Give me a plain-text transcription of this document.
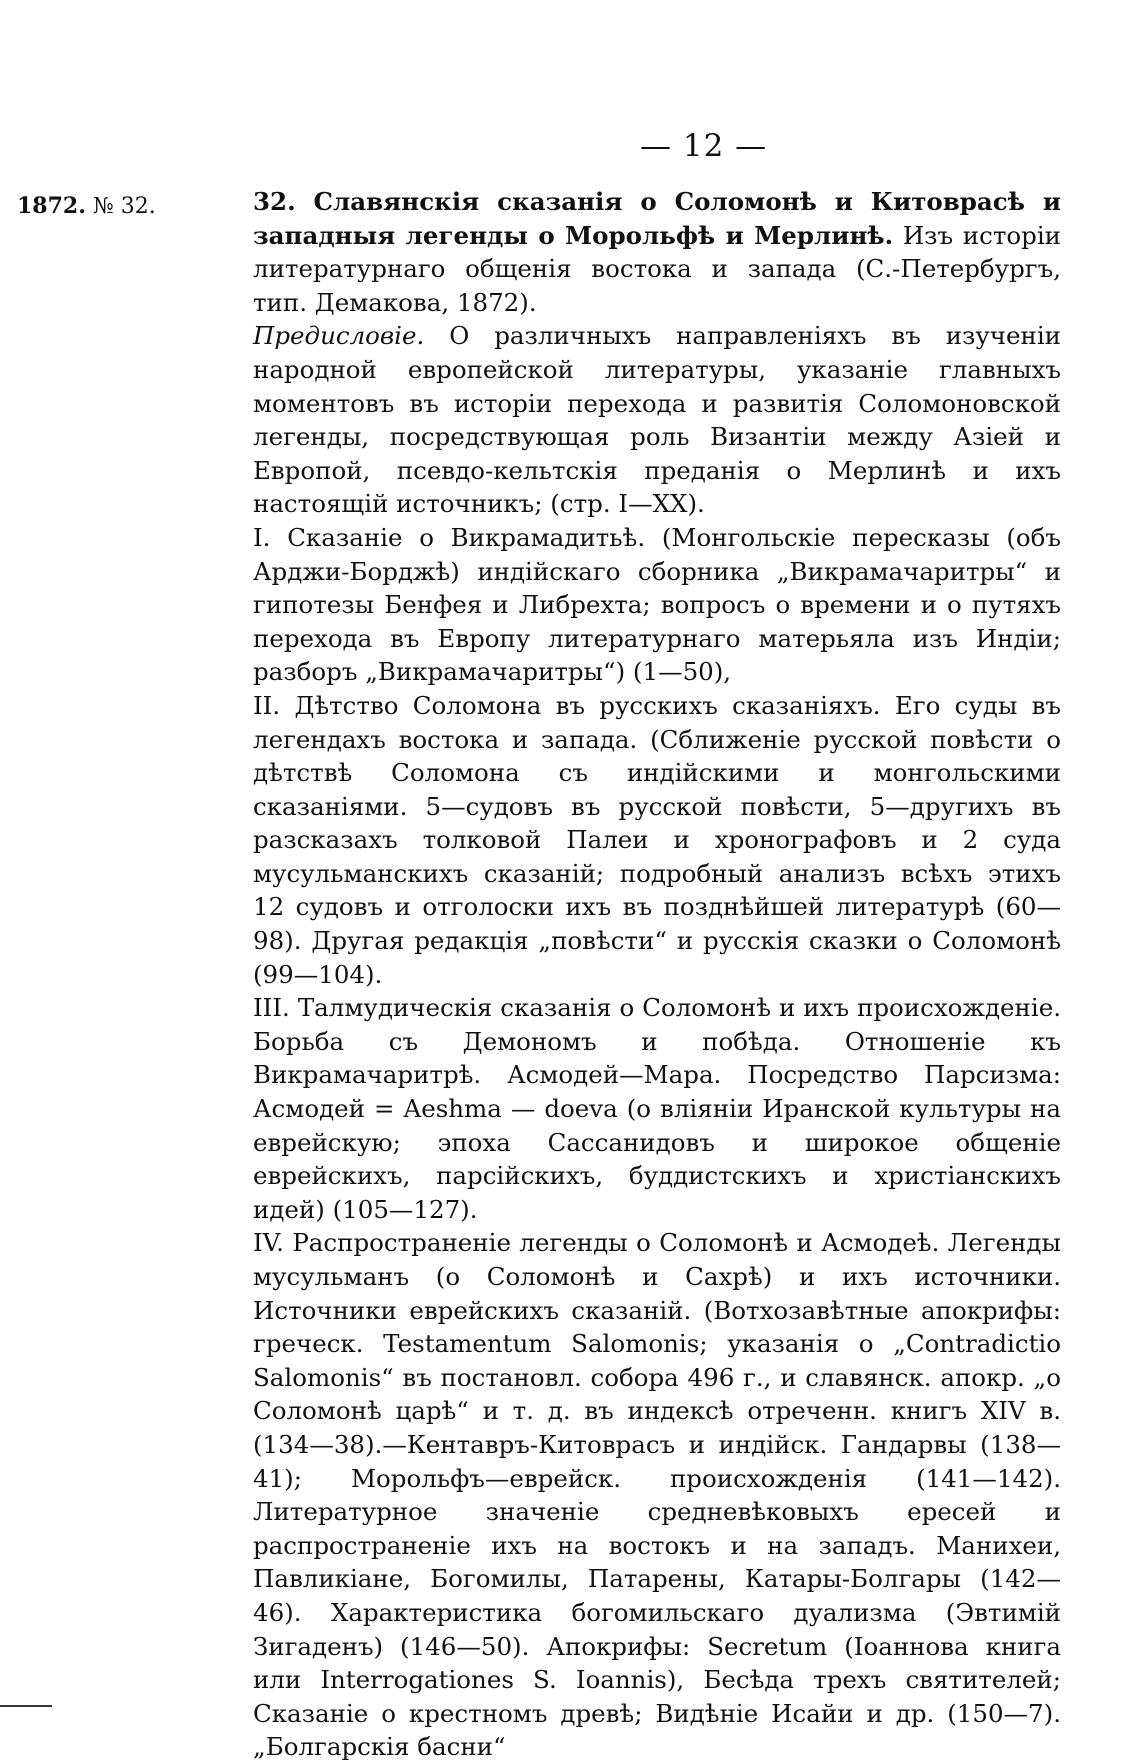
— 12 —
1872. № 32.	32. Славянскія сказанія о Соломонѣ и Китоврасѣ и западныя легенды о Морольфѣ и Мерлинѣ. Изъ исторіи литературнаго общенія востока и запада (С.-Петербургъ, тип. Демакова, 1872).

Предисловіе. О различныхъ направленіяхъ въ изученіи народной европейской литературы, указаніе главныхъ моментовъ въ исторіи перехода и развитія Соломоновской легенды, посредствующая роль Византіи между Азіей и Европой, псевдо-кельтскія преданія о Мерлинѣ и ихъ настоящій источникъ; (стр. I—XX).

I. Сказаніе о Викрамадитьѣ. (Монгольскіе пересказы (объ Арджи-Борджѣ) индійскаго сборника „Викрамачаритры“ и гипотезы Бенфея и Либрехта; вопросъ о времени и о путяхъ перехода въ Европу литературнаго матерьяла изъ Индіи; разборъ „Викрамачаритры“) (1—50),

II. Дѣтство Соломона въ русскихъ сказаніяхъ. Его суды въ легендахъ востока и запада. (Сближеніе русской повѣсти о дѣтствѣ Соломона съ индійскими и монгольскими сказаніями. 5—судовъ въ русской повѣсти, 5—другихъ въ разсказахъ толковой Палеи и хронографовъ и 2 суда мусульманскихъ сказаній; подробный анализъ всѣхъ этихъ 12 судовъ и отголоски ихъ въ позднѣйшей литературѣ (60—98). Другая редакція „повѣсти“ и русскія сказки о Соломонѣ (99—104).

III. Талмудическія сказанія о Соломонѣ и ихъ происхожденіе. Борьба съ Демономъ и побѣда. Отношеніе къ Викрамачаритрѣ. Асмодей—Мара. Посредство Парсизма: Асмодей = Aeshma — doeva (о вліяніи Иранской культуры на еврейскую; эпоха Сассанидовъ и широкое общеніе еврейскихъ, парсійскихъ, буддистскихъ и христіанскихъ идей) (105—127).

IV. Распространеніе легенды о Соломонѣ и Асмодеѣ. Легенды мусульманъ (о Соломонѣ и Сахрѣ) и ихъ источники. Источники еврейскихъ сказаній. (Вотхозавѣтные апокрифы: греческ. Testamentum Salomonis; указанія о „Contradictio Salomonis“ въ постановл. собора 496 г., и славянск. апокр. „о Соломонѣ царѣ“ и т. д. въ индексѣ отреченн. книгъ XIV в. (134—38).—Кентавръ-Китоврасъ и индійск. Гандарвы (138—41); Морольфъ—еврейск. происхожденія (141—142). Литературное значеніе средневѣковыхъ ересей и распространеніе ихъ на востокъ и на западъ. Манихеи, Павликіане, Богомилы, Патарены, Катары-Болгары (142—46). Характеристика богомильскаго дуализма (Эвтимій Зигаденъ) (146—50). Апокрифы: Secretum (Іоаннова книга или Interrogationes S. Ioannis), Бесѣда трехъ святителей; Сказаніе о крестномъ древѣ; Видѣніе Исайи и др. (150—7). „Болгарскія басни“
